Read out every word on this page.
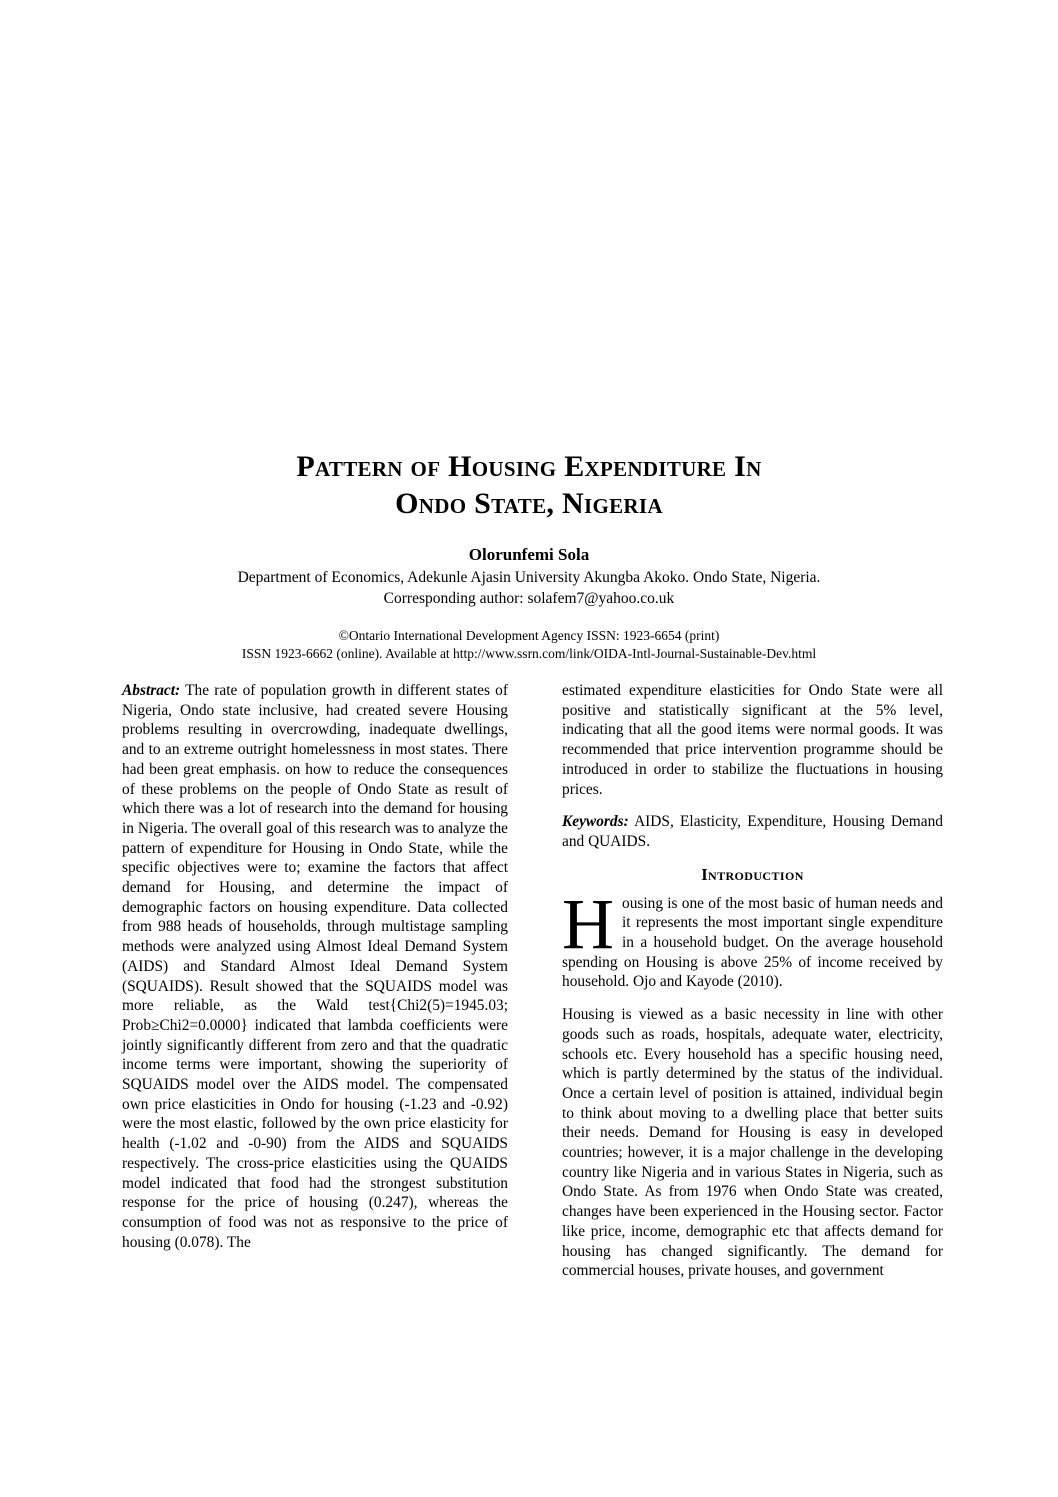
Pattern of Housing Expenditure In
Ondo State, Nigeria
Olorunfemi Sola
Department of Economics, Adekunle Ajasin University Akungba Akoko. Ondo State, Nigeria.
Corresponding author: solafem7@yahoo.co.uk
©Ontario International Development Agency ISSN: 1923-6654 (print)
ISSN 1923-6662 (online). Available at http://www.ssrn.com/link/OIDA-Intl-Journal-Sustainable-Dev.html

Abstract: The rate of population growth in different states of Nigeria, Ondo state inclusive, had created severe Housing problems resulting in overcrowding, inadequate dwellings, and to an extreme outright homelessness in most states. There had been great emphasis. on how to reduce the consequences of these problems on the people of Ondo State as result of which there was a lot of research into the demand for housing in Nigeria. The overall goal of this research was to analyze the pattern of expenditure for Housing in Ondo State, while the specific objectives were to; examine the factors that affect demand for Housing, and determine the impact of demographic factors on housing expenditure. Data collected from 988 heads of households, through multistage sampling methods were analyzed using Almost Ideal Demand System (AIDS) and Standard Almost Ideal Demand System (SQUAIDS). Result showed that the SQUAIDS model was more reliable, as the Wald test{Chi2(5)=1945.03; Prob≥Chi2=0.0000} indicated that lambda coefficients were jointly significantly different from zero and that the quadratic income terms were important, showing the superiority of SQUAIDS model over the AIDS model. The compensated own price elasticities in Ondo for housing (-1.23 and -0.92) were the most elastic, followed by the own price elasticity for health (-1.02 and -0-90) from the AIDS and SQUAIDS respectively. The cross-price elasticities using the QUAIDS model indicated that food had the strongest substitution response for the price of housing (0.247), whereas the consumption of food was not as responsive to the price of housing (0.078). The

estimated expenditure elasticities for Ondo State were all positive and statistically significant at the 5% level, indicating that all the good items were normal goods. It was recommended that price intervention programme should be introduced in order to stabilize the fluctuations in housing prices.

Keywords: AIDS, Elasticity, Expenditure, Housing Demand and QUAIDS.

Introduction

Housing is one of the most basic of human needs and it represents the most important single expenditure in a household budget. On the average household spending on Housing is above 25% of income received by household. Ojo and Kayode (2010).

Housing is viewed as a basic necessity in line with other goods such as roads, hospitals, adequate water, electricity, schools etc. Every household has a specific housing need, which is partly determined by the status of the individual. Once a certain level of position is attained, individual begin to think about moving to a dwelling place that better suits their needs. Demand for Housing is easy in developed countries; however, it is a major challenge in the developing country like Nigeria and in various States in Nigeria, such as Ondo State. As from 1976 when Ondo State was created, changes have been experienced in the Housing sector. Factor like price, income, demographic etc that affects demand for housing has changed significantly. The demand for commercial houses, private houses, and government
